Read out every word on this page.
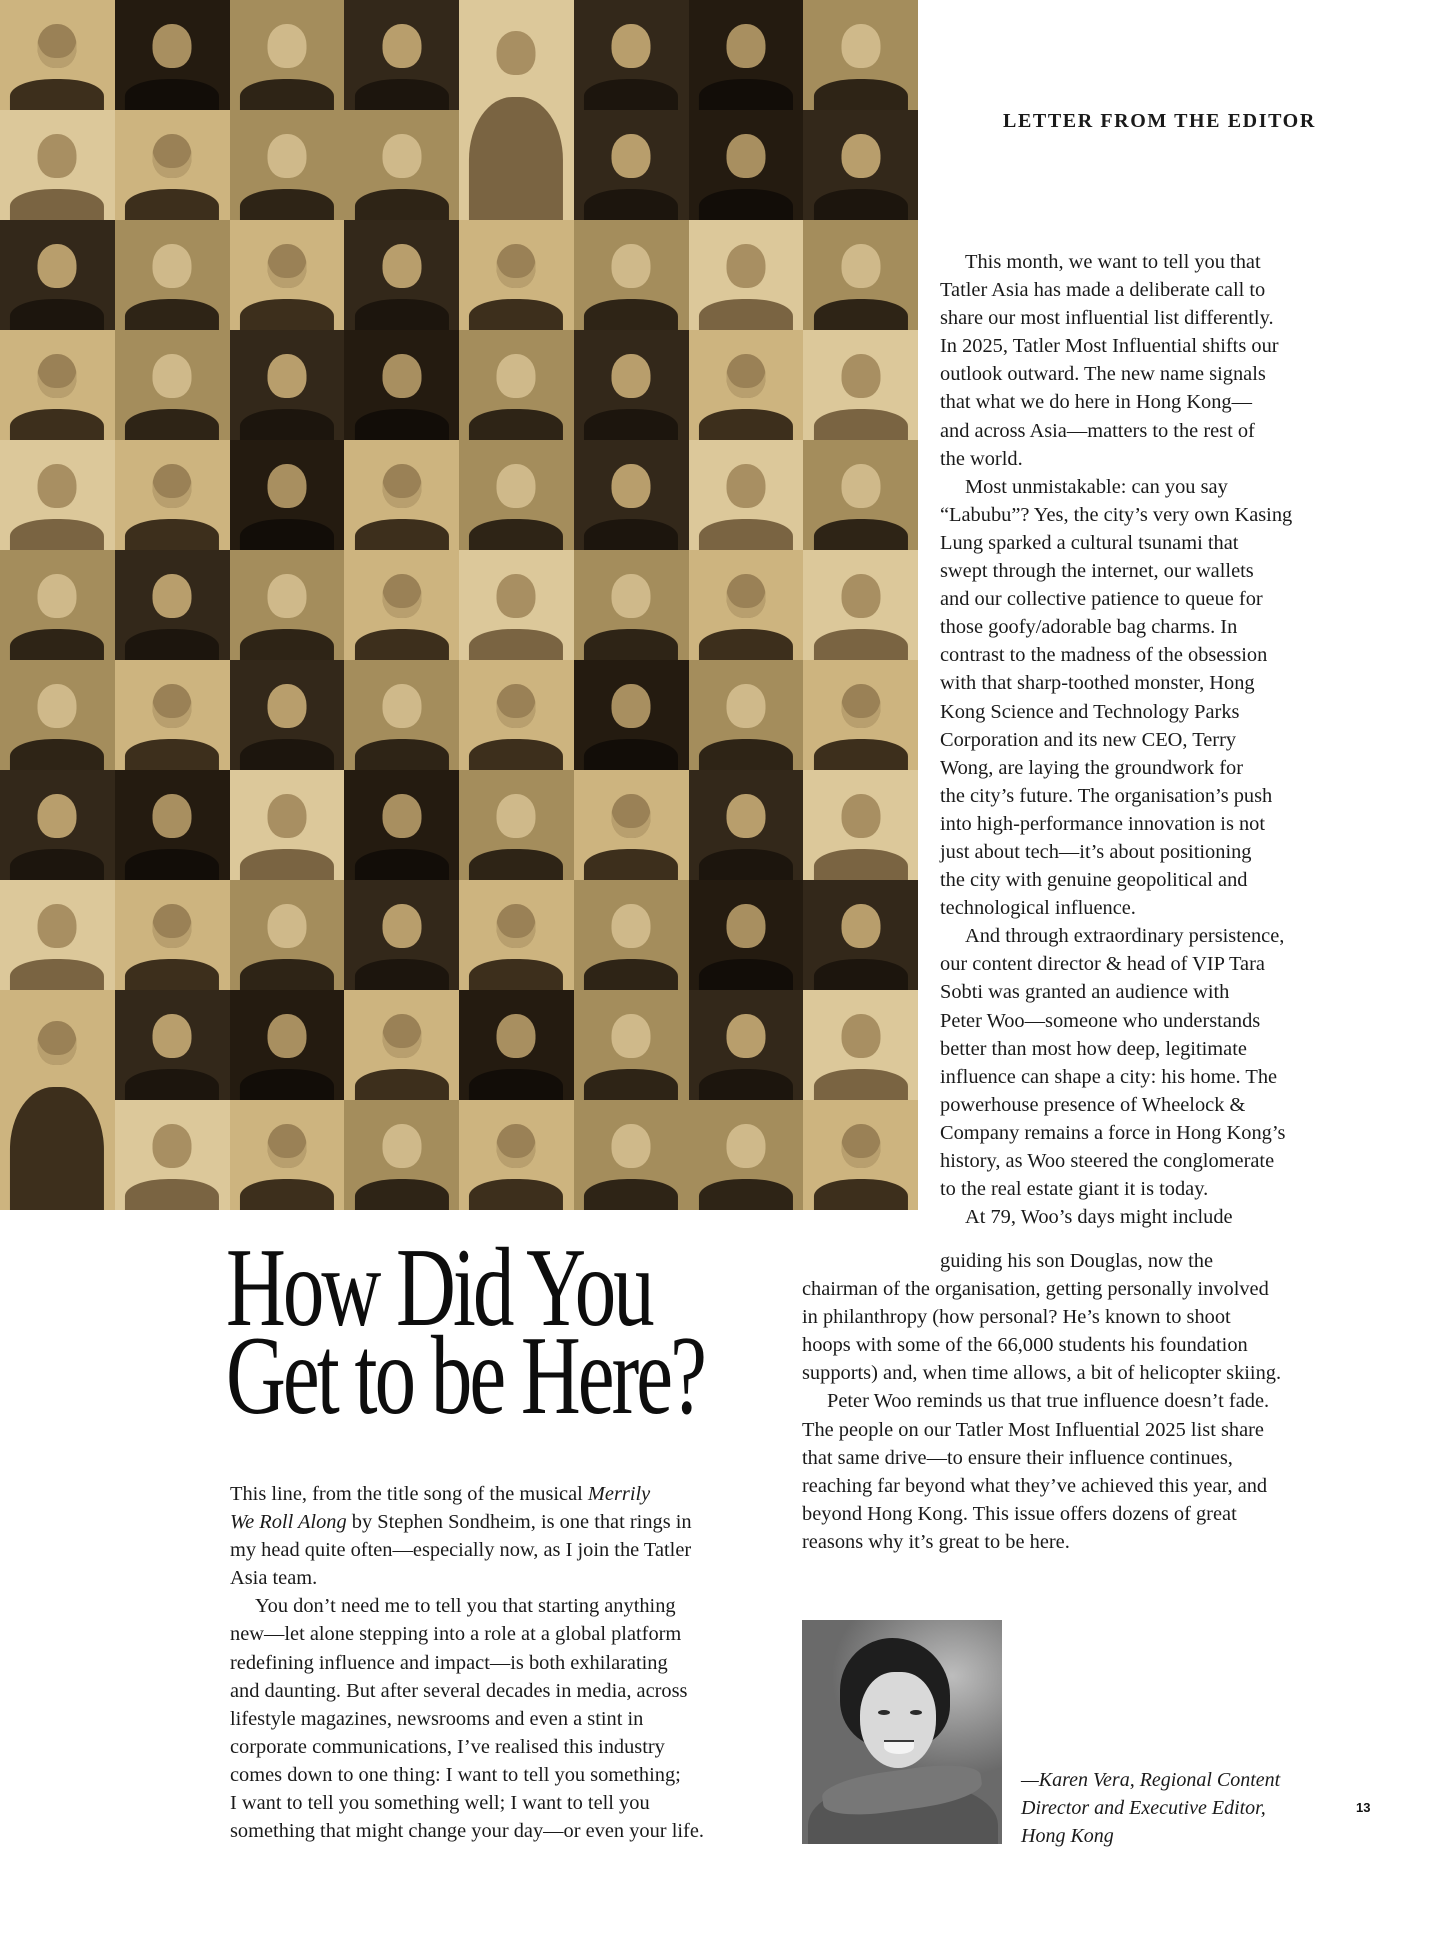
LETTER FROM THE EDITOR
This month, we want to tell you that
Tatler Asia has made a deliberate call to
share our most influential list differently.
In 2025, Tatler Most Influential shifts our
outlook outward. The new name signals
that what we do here in Hong Kong—
and across Asia—matters to the rest of
the world.
Most unmistakable: can you say
“Labubu”? Yes, the city’s very own Kasing
Lung sparked a cultural tsunami that
swept through the internet, our wallets
and our collective patience to queue for
those goofy/adorable bag charms. In
contrast to the madness of the obsession
with that sharp-toothed monster, Hong
Kong Science and Technology Parks
Corporation and its new CEO, Terry
Wong, are laying the groundwork for
the city’s future. The organisation’s push
into high-performance innovation is not
just about tech—it’s about positioning
the city with genuine geopolitical and
technological influence.
And through extraordinary persistence,
our content director & head of VIP Tara
Sobti was granted an audience with
Peter Woo—someone who understands
better than most how deep, legitimate
influence can shape a city: his home. The
powerhouse presence of Wheelock &
Company remains a force in Hong Kong’s
history, as Woo steered the conglomerate
to the real estate giant it is today.
At 79, Woo’s days might include
guiding his son Douglas, now the
chairman of the organisation, getting personally involved
in philanthropy (how personal? He’s known to shoot
hoops with some of the 66,000 students his foundation
supports) and, when time allows, a bit of helicopter skiing.
Peter Woo reminds us that true influence doesn’t fade.
The people on our Tatler Most Influential 2025 list share
that same drive—to ensure their influence continues,
reaching far beyond what they’ve achieved this year, and
beyond Hong Kong. This issue offers dozens of great
reasons why it’s great to be here.
How Did You
Get to be Here?
This line, from the title song of the musical Merrily
We Roll Along by Stephen Sondheim, is one that rings in
my head quite often—especially now, as I join the Tatler
Asia team.
You don’t need me to tell you that starting anything
new—let alone stepping into a role at a global platform
redefining influence and impact—is both exhilarating
and daunting. But after several decades in media, across
lifestyle magazines, newsrooms and even a stint in
corporate communications, I’ve realised this industry
comes down to one thing: I want to tell you something;
I want to tell you something well; I want to tell you
something that might change your day—or even your life.
—Karen Vera, Regional Content
Director and Executive Editor,
Hong Kong
13
